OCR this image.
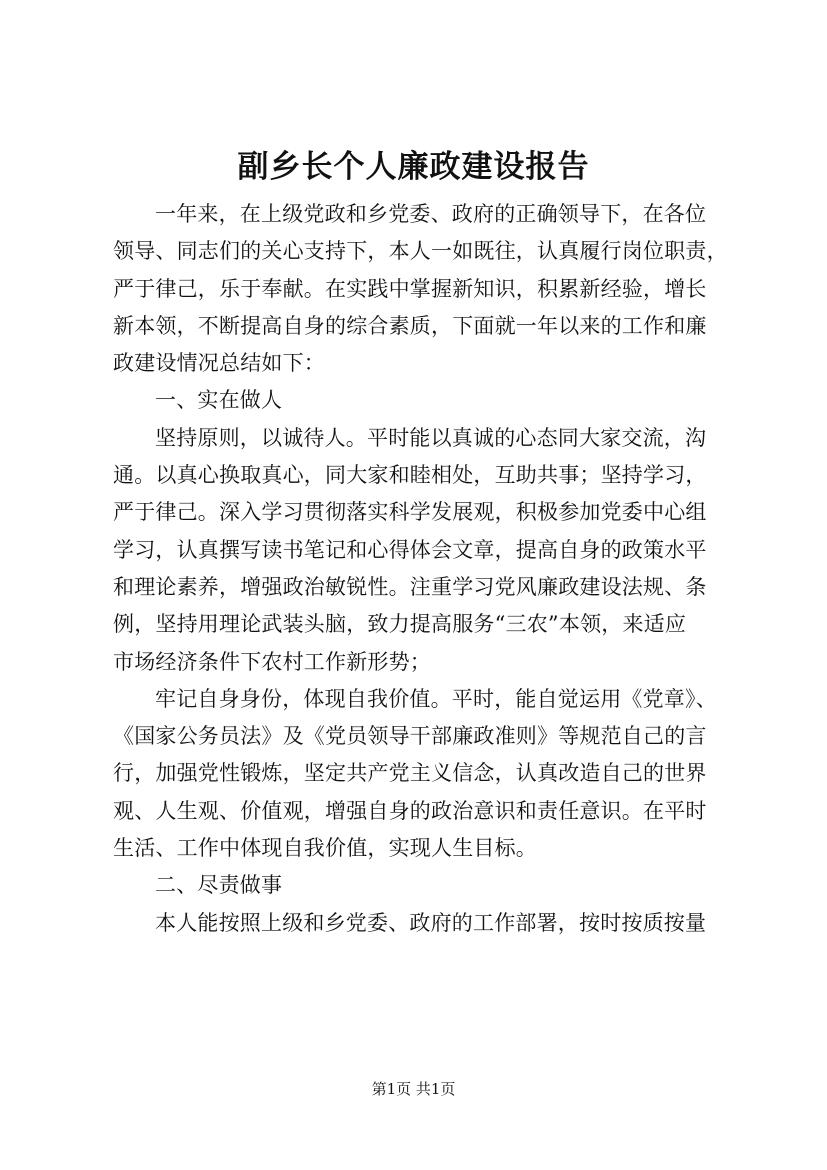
副乡长个人廉政建设报告
一年来，在上级党政和乡党委、政府的正确领导下，在各位
领导、同志们的关心支持下，本人一如既往，认真履行岗位职责，
严于律己，乐于奉献。在实践中掌握新知识，积累新经验，增长
新本领，不断提高自身的综合素质，下面就一年以来的工作和廉
政建设情况总结如下：
一、实在做人
坚持原则，以诚待人。平时能以真诚的心态同大家交流，沟
通。以真心换取真心，同大家和睦相处，互助共事；坚持学习，
严于律己。深入学习贯彻落实科学发展观，积极参加党委中心组
学习，认真撰写读书笔记和心得体会文章，提高自身的政策水平
和理论素养，增强政治敏锐性。注重学习党风廉政建设法规、条
例，坚持用理论武装头脑，致力提高服务“三农”本领，来适应
市场经济条件下农村工作新形势；
牢记自身身份，体现自我价值。平时，能自觉运用《党章》、
《国家公务员法》及《党员领导干部廉政准则》等规范自己的言
行，加强党性锻炼，坚定共产党主义信念，认真改造自己的世界
观、人生观、价值观，增强自身的政治意识和责任意识。在平时
生活、工作中体现自我价值，实现人生目标。
二、尽责做事
本人能按照上级和乡党委、政府的工作部署，按时按质按量
第1页 共1页
